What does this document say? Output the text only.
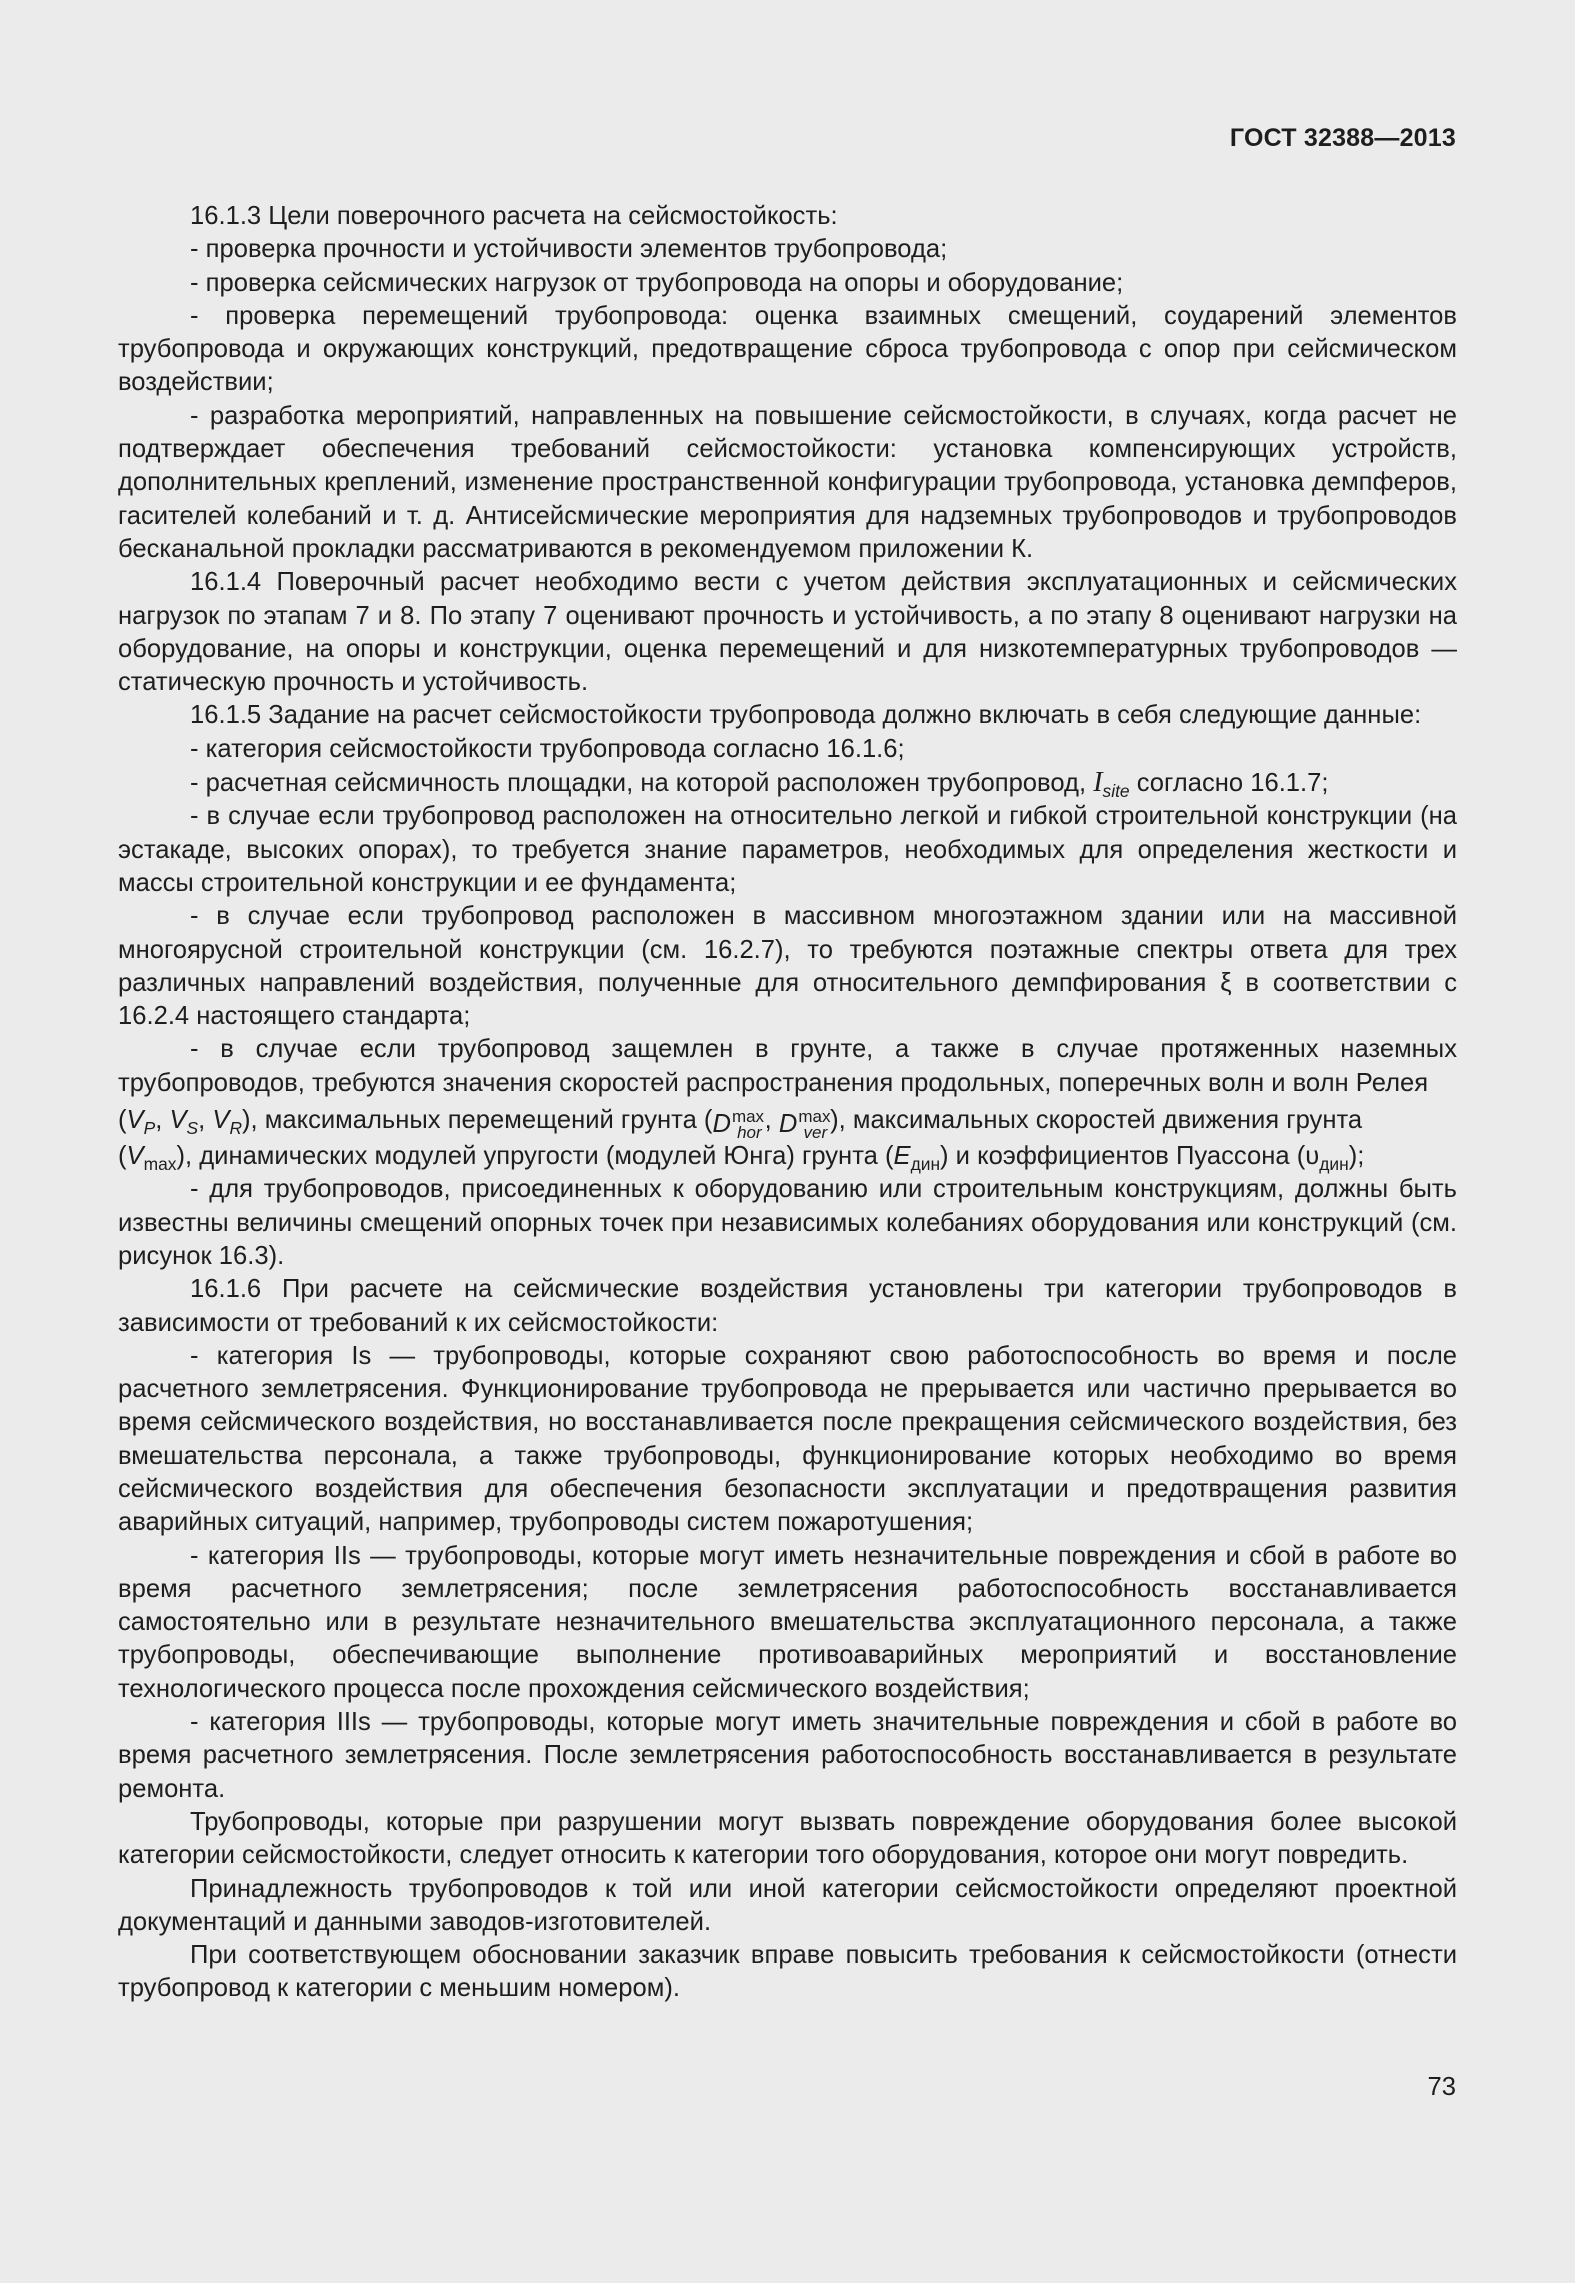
ГОСТ 32388—2013

16.1.3 Цели поверочного расчета на сейсмостойкость:

- проверка прочности и устойчивости элементов трубопровода;

- проверка сейсмических нагрузок от трубопровода на опоры и оборудование;

- проверка перемещений трубопровода: оценка взаимных смещений, соударений элементов трубопровода и окружающих конструкций, предотвращение сброса трубопровода с опор при сейсмическом воздействии;

- разработка мероприятий, направленных на повышение сейсмостойкости, в случаях, когда расчет не подтверждает обеспечения требований сейсмостойкости: установка компенсирующих устройств, дополнительных креплений, изменение пространственной конфигурации трубопровода, установка демпферов, гасителей колебаний и т. д. Антисейсмические мероприятия для надземных трубопроводов и трубопроводов бесканальной прокладки рассматриваются в рекомендуемом приложении К.

16.1.4 Поверочный расчет необходимо вести с учетом действия эксплуатационных и сейсмических нагрузок по этапам 7 и 8. По этапу 7 оценивают прочность и устойчивость, а по этапу 8 оценивают нагрузки на оборудование, на опоры и конструкции, оценка перемещений и для низкотемпературных трубопроводов — статическую прочность и устойчивость.

16.1.5 Задание на расчет сейсмостойкости трубопровода должно включать в себя следующие данные:

- категория сейсмостойкости трубопровода согласно 16.1.6;

- расчетная сейсмичность площадки, на которой расположен трубопровод, $I_{site}$ согласно 16.1.7;

- в случае если трубопровод расположен на относительно легкой и гибкой строительной конструкции (на эстакаде, высоких опорах), то требуется знание параметров, необходимых для определения жесткости и массы строительной конструкции и ее фундамента;

- в случае если трубопровод расположен в массивном многоэтажном здании или на массивной многоярусной строительной конструкции (см. 16.2.7), то требуются поэтажные спектры ответа для трех различных направлений воздействия, полученные для относительного демпфирования ξ в соответствии с 16.2.4 настоящего стандарта;

- в случае если трубопровод защемлен в грунте, а также в случае протяженных наземных трубопроводов, требуются значения скоростей распространения продольных, поперечных волн и волн Релея

($V_P$, $V_S$, $V_R$), максимальных перемещений грунта ($D^{max}_{hor}$ , $D^{max}_{ver}$ ), максимальных скоростей движения грунта

$(V_{max})$, динамических модулей упругости (модулей Юнга) грунта $(E_{дин})$ и коэффициентов Пуассона $(\upsilon_{дин})$;

- для трубопроводов, присоединенных к оборудованию или строительным конструкциям, должны быть известны величины смещений опорных точек при независимых колебаниях оборудования или конструкций (см. рисунок 16.3).

16.1.6 При расчете на сейсмические воздействия установлены три категории трубопроводов в зависимости от требований к их сейсмостойкости:

- категория Is — трубопроводы, которые сохраняют свою работоспособность во время и после расчетного землетрясения. Функционирование трубопровода не прерывается или частично прерывается во время сейсмического воздействия, но восстанавливается после прекращения сейсмического воздействия, без вмешательства персонала, а также трубопроводы, функционирование которых необходимо во время сейсмического воздействия для обеспечения безопасности эксплуатации и предотвращения развития аварийных ситуаций, например, трубопроводы систем пожаротушения;

- категория IIs — трубопроводы, которые могут иметь незначительные повреждения и сбой в работе во время расчетного землетрясения; после землетрясения работоспособность восстанавливается самостоятельно или в результате незначительного вмешательства эксплуатационного персонала, а также трубопроводы, обеспечивающие выполнение противоаварийных мероприятий и восстановление технологического процесса после прохождения сейсмического воздействия;

- категория IIIs — трубопроводы, которые могут иметь значительные повреждения и сбой в работе во время расчетного землетрясения. После землетрясения работоспособность восстанавливается в результате ремонта.

Трубопроводы, которые при разрушении могут вызвать повреждение оборудования более высокой категории сейсмостойкости, следует относить к категории того оборудования, которое они могут повредить.

Принадлежность трубопроводов к той или иной категории сейсмостойкости определяют проектной документаций и данными заводов-изготовителей.

При соответствующем обосновании заказчик вправе повысить требования к сейсмостойкости (отнести трубопровод к категории с меньшим номером).

73
